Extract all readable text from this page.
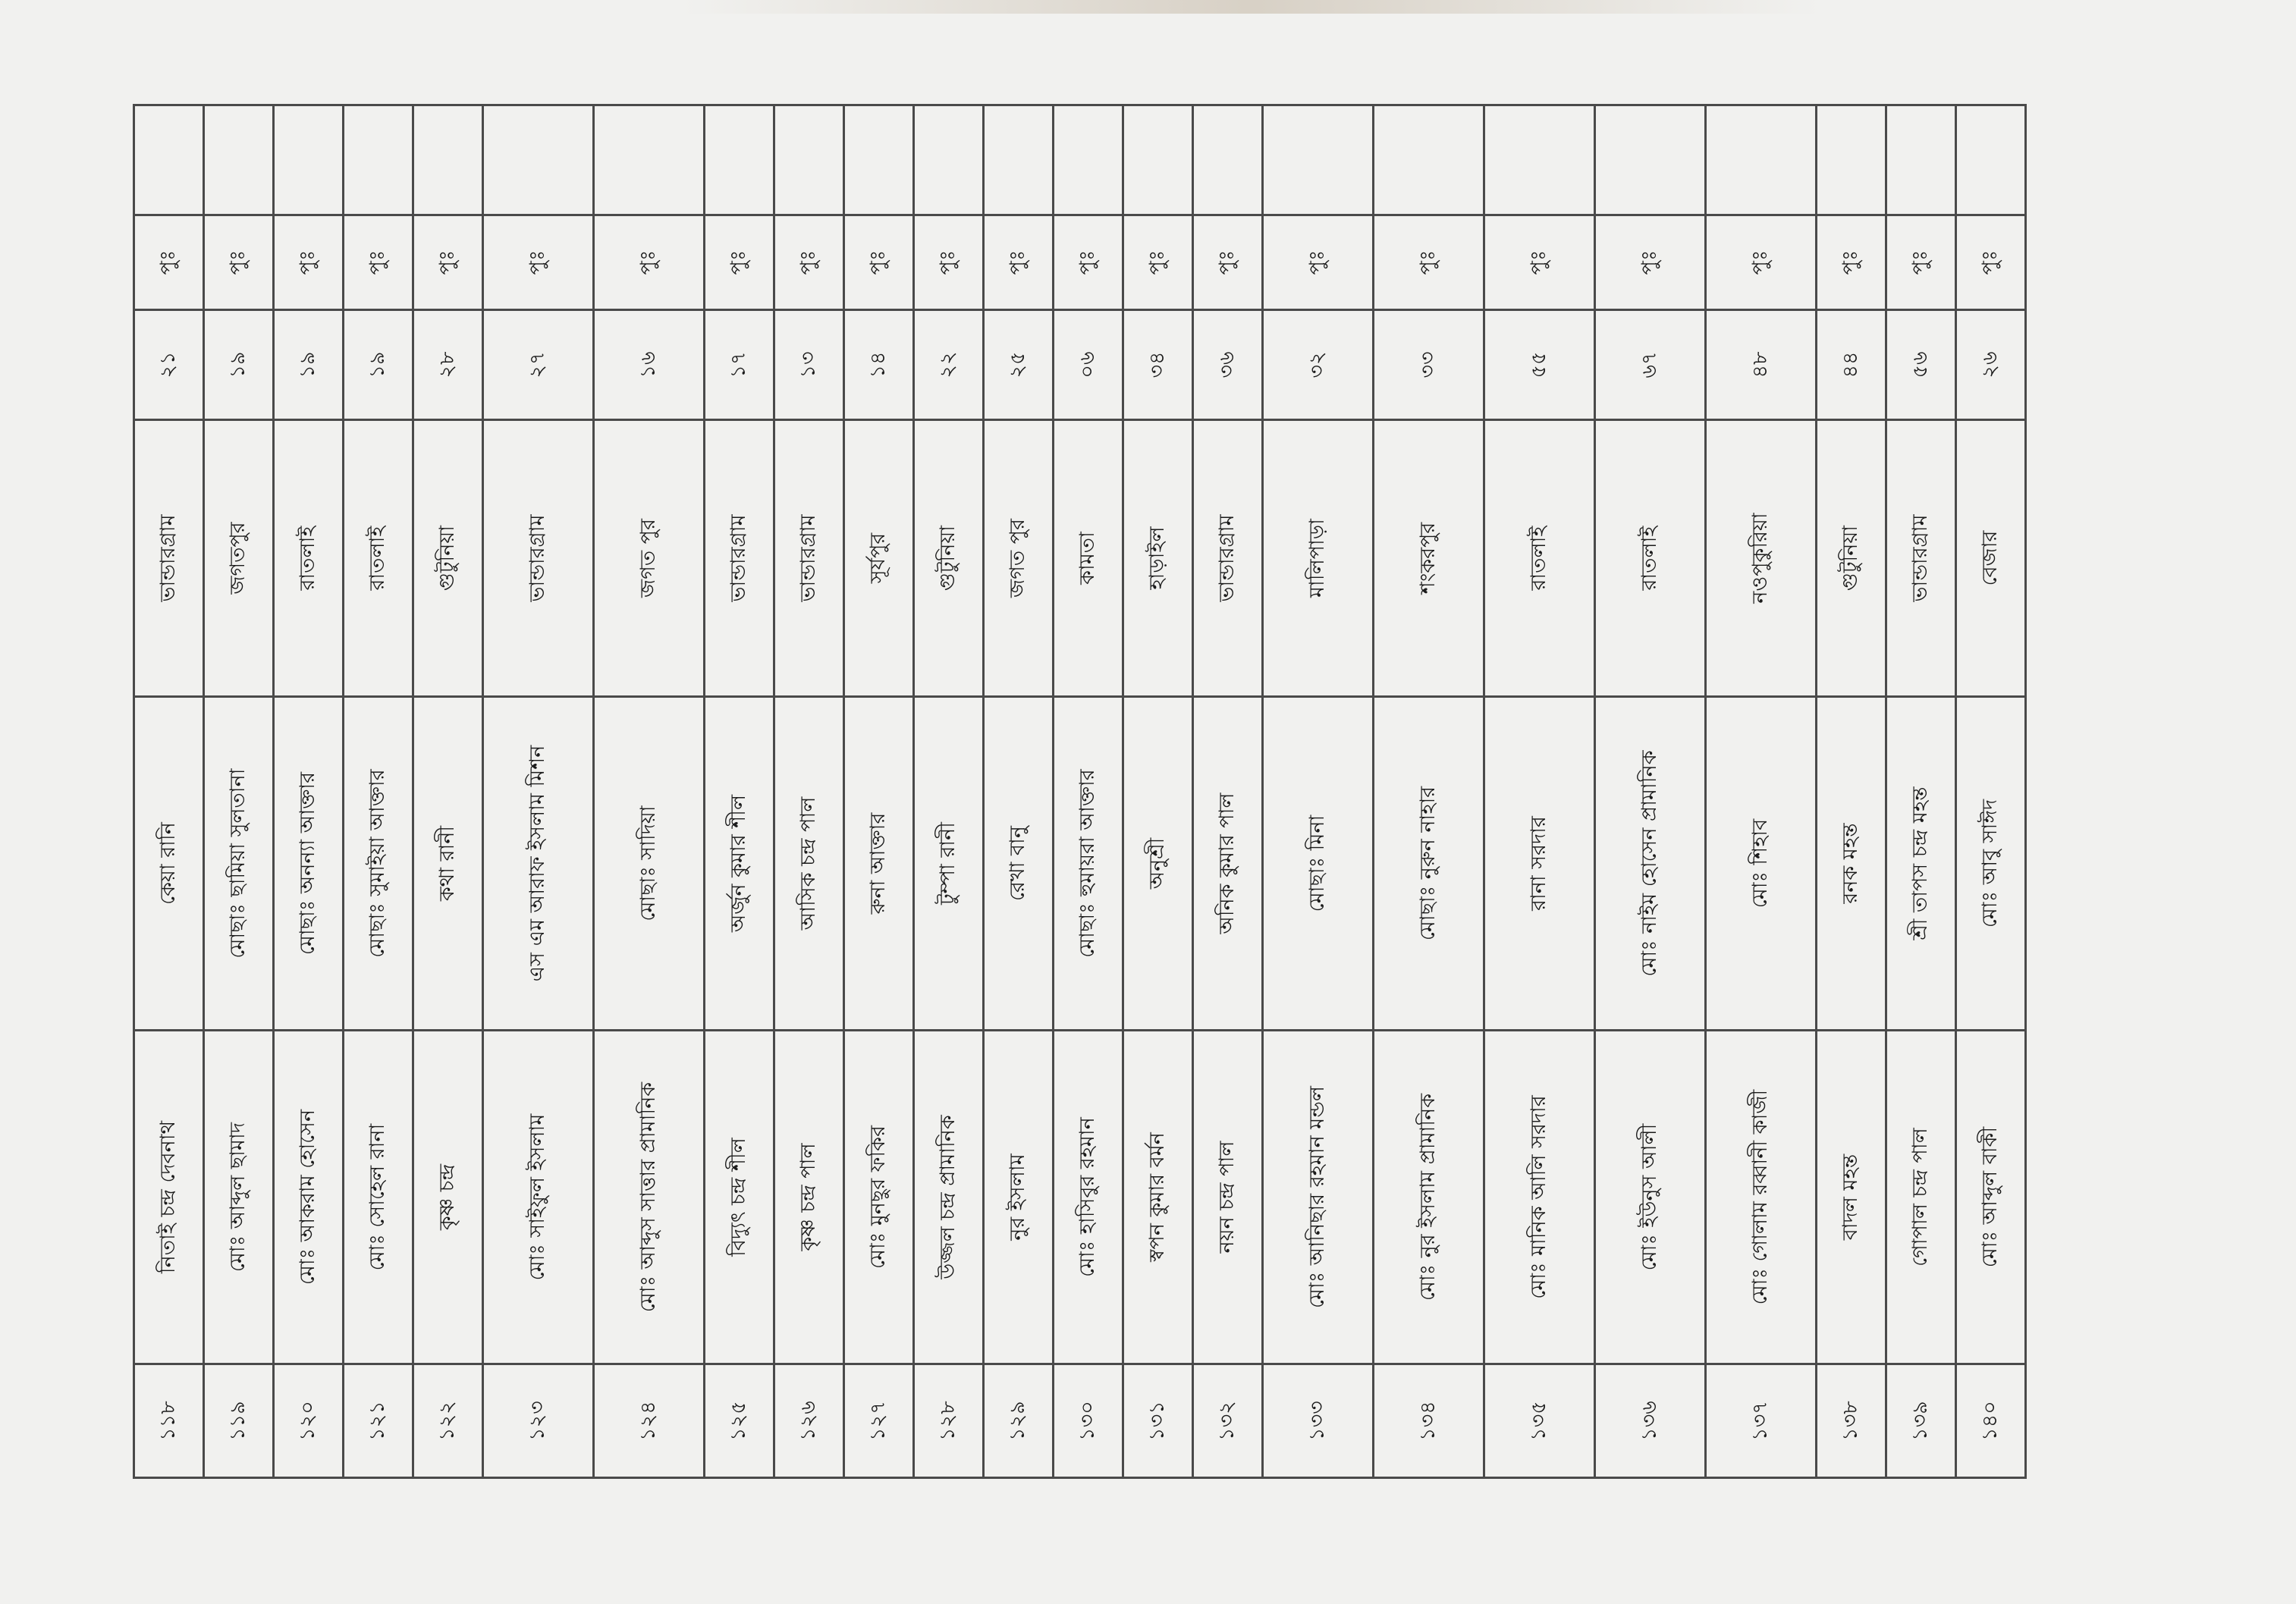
১১৮	নিতাই চন্দ্র দেবনাথ	কেয়া রানি	ভান্ডারগ্রাম	২১	পুঃ	
১১৯	মোঃ আব্দুল ছামাদ	মোছাঃ ছামিয়া সুলতানা	জগতপুর	১৯	পুঃ	
১২০	মোঃ আকরাম হোসেন	মোছাঃ অনন্যা আক্তার	রাতলাই	১৯	পুঃ	
১২১	মোঃ সোহেল রানা	মোছাঃ সুমাইয়া আক্তার	রাতলাই	১৯	পুঃ	
১২২	কৃষ্ণ চন্দ্র	কথা রানী	গুটুনিয়া	২৮	পুঃ	
১২৩	মোঃ সাইফুল ইসলাম	এস এম আরাফ ইসলাম মিশন	ভান্ডারগ্রাম	২৭	পুঃ	
১২৪	মোঃ আব্দুস সাত্তার প্রামানিক	মোছাঃ সাদিয়া	জগত পুর	১৬	পুঃ	
১২৫	বিদ্যুৎ চন্দ্র শীল	অর্জুন কুমার শীল	ভান্ডারগ্রাম	১৭	পুঃ	
১২৬	কৃষ্ণ চন্দ্র পাল	আসিক চন্দ্র পাল	ভান্ডারগ্রাম	১৩	পুঃ	
১২৭	মোঃ মুনছুর ফকির	রুনা আক্তার	সূর্যপুর	১৪	পুঃ	
১২৮	উজ্জল চন্দ্র প্রামানিক	টুম্পা রানী	গুটুনিয়া	২২	পুঃ	
১২৯	নুর ইসলাম	রেখা বানু	জগত পুর	২৫	পুঃ	
১৩০	মোঃ হাসিবুর রহমান	মোছাঃ হুমায়রা আক্তার	কামতা	০৬	পুঃ	
১৩১	স্বপন কুমার বর্মন	অনুশ্রী	হাড়াইল	৩৪	পুঃ	
১৩২	নয়ন চন্দ্র পাল	অনিক কুমার পাল	ভান্ডারগ্রাম	৩৬	পুঃ	
১৩৩	মোঃ আনিছার রহমান মন্ডল	মোছাঃ মিনা	মালিপাড়া	৩২	পুঃ	
১৩৪	মোঃ নুর ইসলাম প্রামানিক	মোছাঃ নুরুন নাহার	শংকরপুর	৩৩	পুঃ	
১৩৫	মোঃ মানিক আলি সরদার	রানা সরদার	রাতলাই	৫৫	পুঃ	
১৩৬	মোঃ ইউনুস আলী	মোঃ নাইম হোসেন প্রামানিক	রাতলাই	৬৭	পুঃ	
১৩৭	মোঃ গোলাম রব্বানী কাজী	মোঃ শিহাব	নওপুকুরিয়া	৪৮	পুঃ	
১৩৮	বাদল মহন্ত	রনক মহন্ত	গুটুনিয়া	৪৪	পুঃ	
১৩৯	গোপাল চন্দ্র পাল	শ্রী তাপস চন্দ্র মহন্ত	ভান্ডারগ্রাম	৫৬	পুঃ	
১৪০	মোঃ আব্দুল বাকী	মোঃ আবু সাঈদ	বেজার	২৬	পুঃ	
